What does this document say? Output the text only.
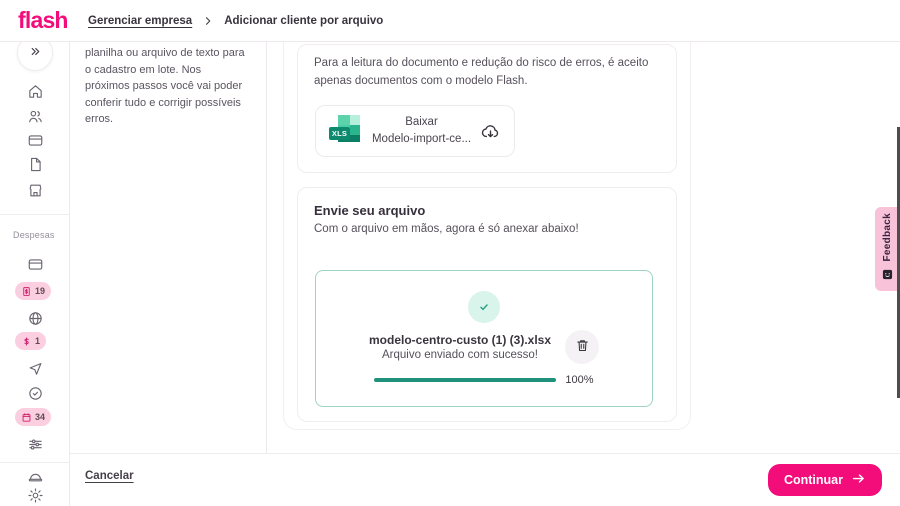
flash Gerenciar empresa	Adicionar cliente por arquivo
Despesas
19
1
34

planilha ou arquivo de texto para o cadastro em lote. Nos próximos passos você vai poder conferir tudo e corrigir possíveis erros.

Para a leitura do documento e redução do risco de erros, é aceito apenas documentos com o modelo Flash.

XLS
Baixar
Modelo-import-ce...
Envie seu arquivo

Com o arquivo em mãos, agora é só anexar abaixo!

modelo-centro-custo (1) (3).xlsx
Arquivo enviado com sucesso!
100%
Cancelar	Continuar
Feedback
